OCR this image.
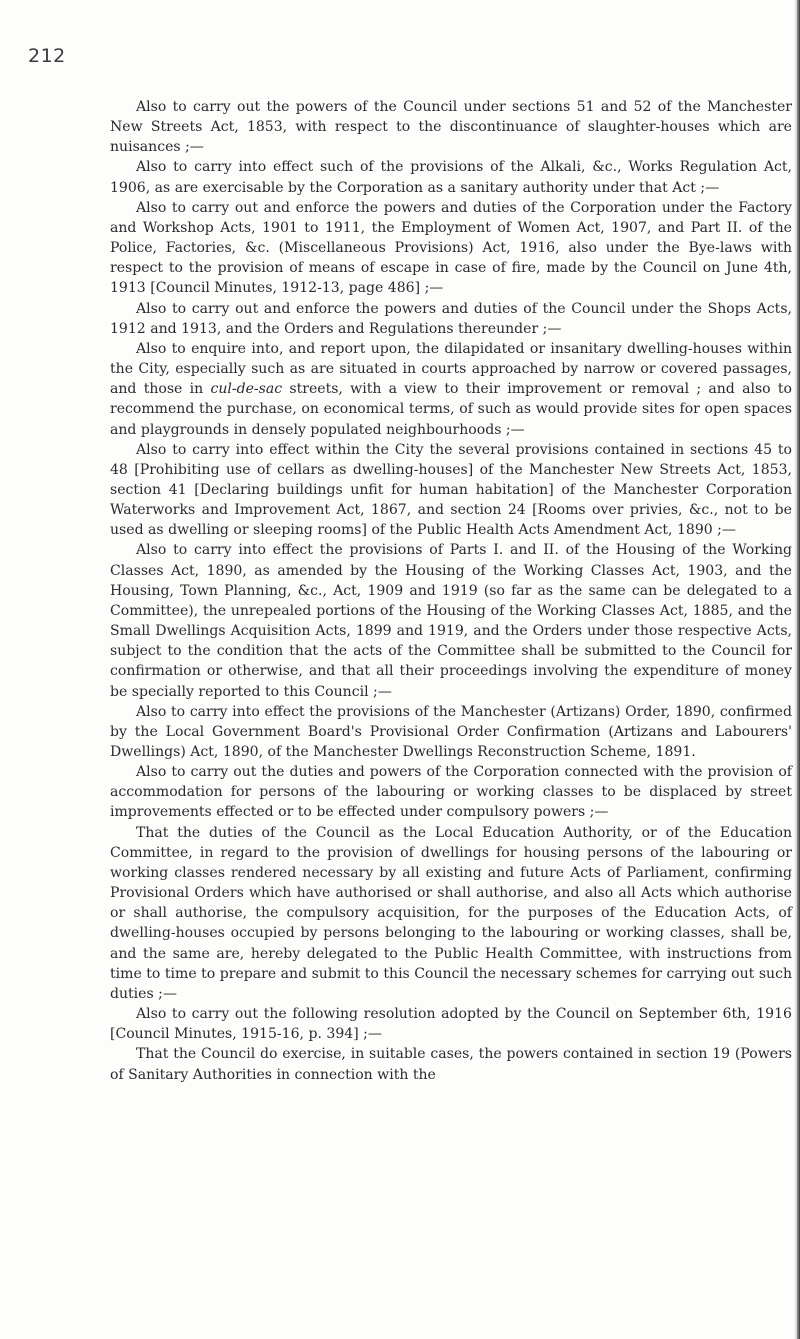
212

Also to carry out the powers of the Council under sections 51 and 52 of the Manchester New Streets Act, 1853, with respect to the discontinuance of slaughter-houses which are nuisances ;—

Also to carry into effect such of the provisions of the Alkali, &c., Works Regulation Act, 1906, as are exercisable by the Corporation as a sanitary authority under that Act ;—

Also to carry out and enforce the powers and duties of the Corporation under the Factory and Workshop Acts, 1901 to 1911, the Employment of Women Act, 1907, and Part II. of the Police, Factories, &c. (Miscellaneous Provisions) Act, 1916, also under the Bye-laws with respect to the provision of means of escape in case of fire, made by the Council on June 4th, 1913 [Council Minutes, 1912-13, page 486] ;—

Also to carry out and enforce the powers and duties of the Council under the Shops Acts, 1912 and 1913, and the Orders and Regulations thereunder ;—

Also to enquire into, and report upon, the dilapidated or insanitary dwelling-houses within the City, especially such as are situated in courts approached by narrow or covered passages, and those in cul-de-sac streets, with a view to their improvement or removal ; and also to recommend the purchase, on economical terms, of such as would provide sites for open spaces and playgrounds in densely populated neighbourhoods ;—

Also to carry into effect within the City the several provisions contained in sections 45 to 48 [Prohibiting use of cellars as dwelling-houses] of the Manchester New Streets Act, 1853, section 41 [Declaring buildings unfit for human habitation] of the Manchester Corporation Waterworks and Improvement Act, 1867, and section 24 [Rooms over privies, &c., not to be used as dwelling or sleeping rooms] of the Public Health Acts Amendment Act, 1890 ;—

Also to carry into effect the provisions of Parts I. and II. of the Housing of the Working Classes Act, 1890, as amended by the Housing of the Working Classes Act, 1903, and the Housing, Town Planning, &c., Act, 1909 and 1919 (so far as the same can be delegated to a Committee), the unrepealed portions of the Housing of the Working Classes Act, 1885, and the Small Dwellings Acquisition Acts, 1899 and 1919, and the Orders under those respective Acts, subject to the condition that the acts of the Committee shall be submitted to the Council for confirmation or otherwise, and that all their proceedings involving the expenditure of money be specially reported to this Council ;—

Also to carry into effect the provisions of the Manchester (Artizans) Order, 1890, confirmed by the Local Government Board's Provisional Order Confirmation (Artizans and Labourers' Dwellings) Act, 1890, of the Manchester Dwellings Reconstruction Scheme, 1891.

Also to carry out the duties and powers of the Corporation connected with the provision of accommodation for persons of the labouring or working classes to be displaced by street improvements effected or to be effected under compulsory powers ;—

That the duties of the Council as the Local Education Authority, or of the Education Committee, in regard to the provision of dwellings for housing persons of the labouring or working classes rendered necessary by all existing and future Acts of Parliament, confirming Provisional Orders which have authorised or shall authorise, and also all Acts which authorise or shall authorise, the compulsory acquisition, for the purposes of the Education Acts, of dwelling-houses occupied by persons belonging to the labouring or working classes, shall be, and the same are, hereby delegated to the Public Health Committee, with instructions from time to time to prepare and submit to this Council the necessary schemes for carrying out such duties ;—

Also to carry out the following resolution adopted by the Council on September 6th, 1916 [Council Minutes, 1915-16, p. 394] ;—

That the Council do exercise, in suitable cases, the powers contained in section 19 (Powers of Sanitary Authorities in connection with the
